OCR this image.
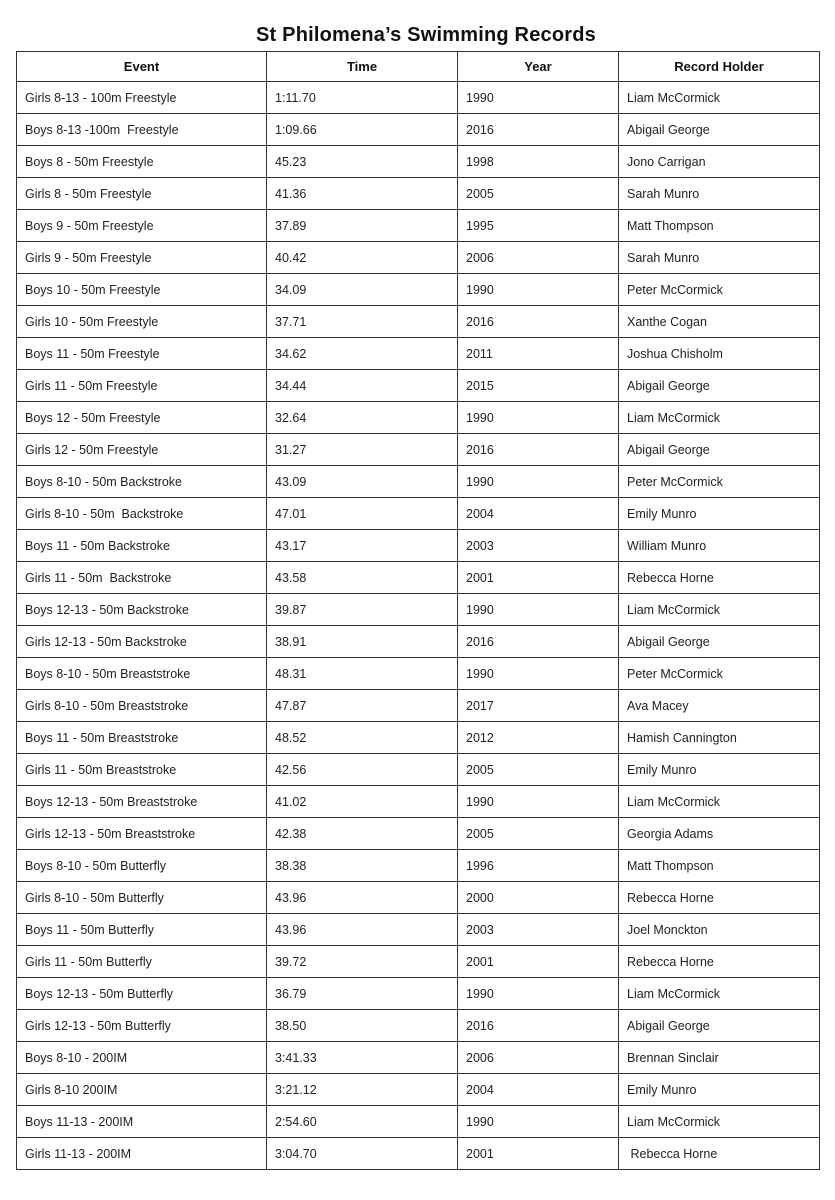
St Philomena’s Swimming Records
Event	Time	Year	Record Holder
Girls 8-13 - 100m Freestyle	1:11.70	1990	Liam McCormick
Boys 8-13 -100m  Freestyle	1:09.66	2016	Abigail George
Boys 8 - 50m Freestyle	45.23	1998	Jono Carrigan
Girls 8 - 50m Freestyle	41.36	2005	Sarah Munro
Boys 9 - 50m Freestyle	37.89	1995	Matt Thompson
Girls 9 - 50m Freestyle	40.42	2006	Sarah Munro
Boys 10 - 50m Freestyle	34.09	1990	Peter McCormick
Girls 10 - 50m Freestyle	37.71	2016	Xanthe Cogan
Boys 11 - 50m Freestyle	34.62	2011	Joshua Chisholm
Girls 11 - 50m Freestyle	34.44	2015	Abigail George
Boys 12 - 50m Freestyle	32.64	1990	Liam McCormick
Girls 12 - 50m Freestyle	31.27	2016	Abigail George
Boys 8-10 - 50m Backstroke	43.09	1990	Peter McCormick
Girls 8-10 - 50m  Backstroke	47.01	2004	Emily Munro
Boys 11 - 50m Backstroke	43.17	2003	William Munro
Girls 11 - 50m  Backstroke	43.58	2001	Rebecca Horne
Boys 12-13 - 50m Backstroke	39.87	1990	Liam McCormick
Girls 12-13 - 50m Backstroke	38.91	2016	Abigail George
Boys 8-10 - 50m Breaststroke	48.31	1990	Peter McCormick
Girls 8-10 - 50m Breaststroke	47.87	2017	Ava Macey
Boys 11 - 50m Breaststroke	48.52	2012	Hamish Cannington
Girls 11 - 50m Breaststroke	42.56	2005	Emily Munro
Boys 12-13 - 50m Breaststroke	41.02	1990	Liam McCormick
Girls 12-13 - 50m Breaststroke	42.38	2005	Georgia Adams
Boys 8-10 - 50m Butterfly	38.38	1996	Matt Thompson
Girls 8-10 - 50m Butterfly	43.96	2000	Rebecca Horne
Boys 11 - 50m Butterfly	43.96	2003	Joel Monckton
Girls 11 - 50m Butterfly	39.72	2001	Rebecca Horne
Boys 12-13 - 50m Butterfly	36.79	1990	Liam McCormick
Girls 12-13 - 50m Butterfly	38.50	2016	Abigail George
Boys 8-10 - 200IM	3:41.33	2006	Brennan Sinclair
Girls 8-10 200IM	3:21.12	2004	Emily Munro
Boys 11-13 - 200IM	2:54.60	1990	Liam McCormick
Girls 11-13 - 200IM	3:04.70	2001	Rebecca Horne
